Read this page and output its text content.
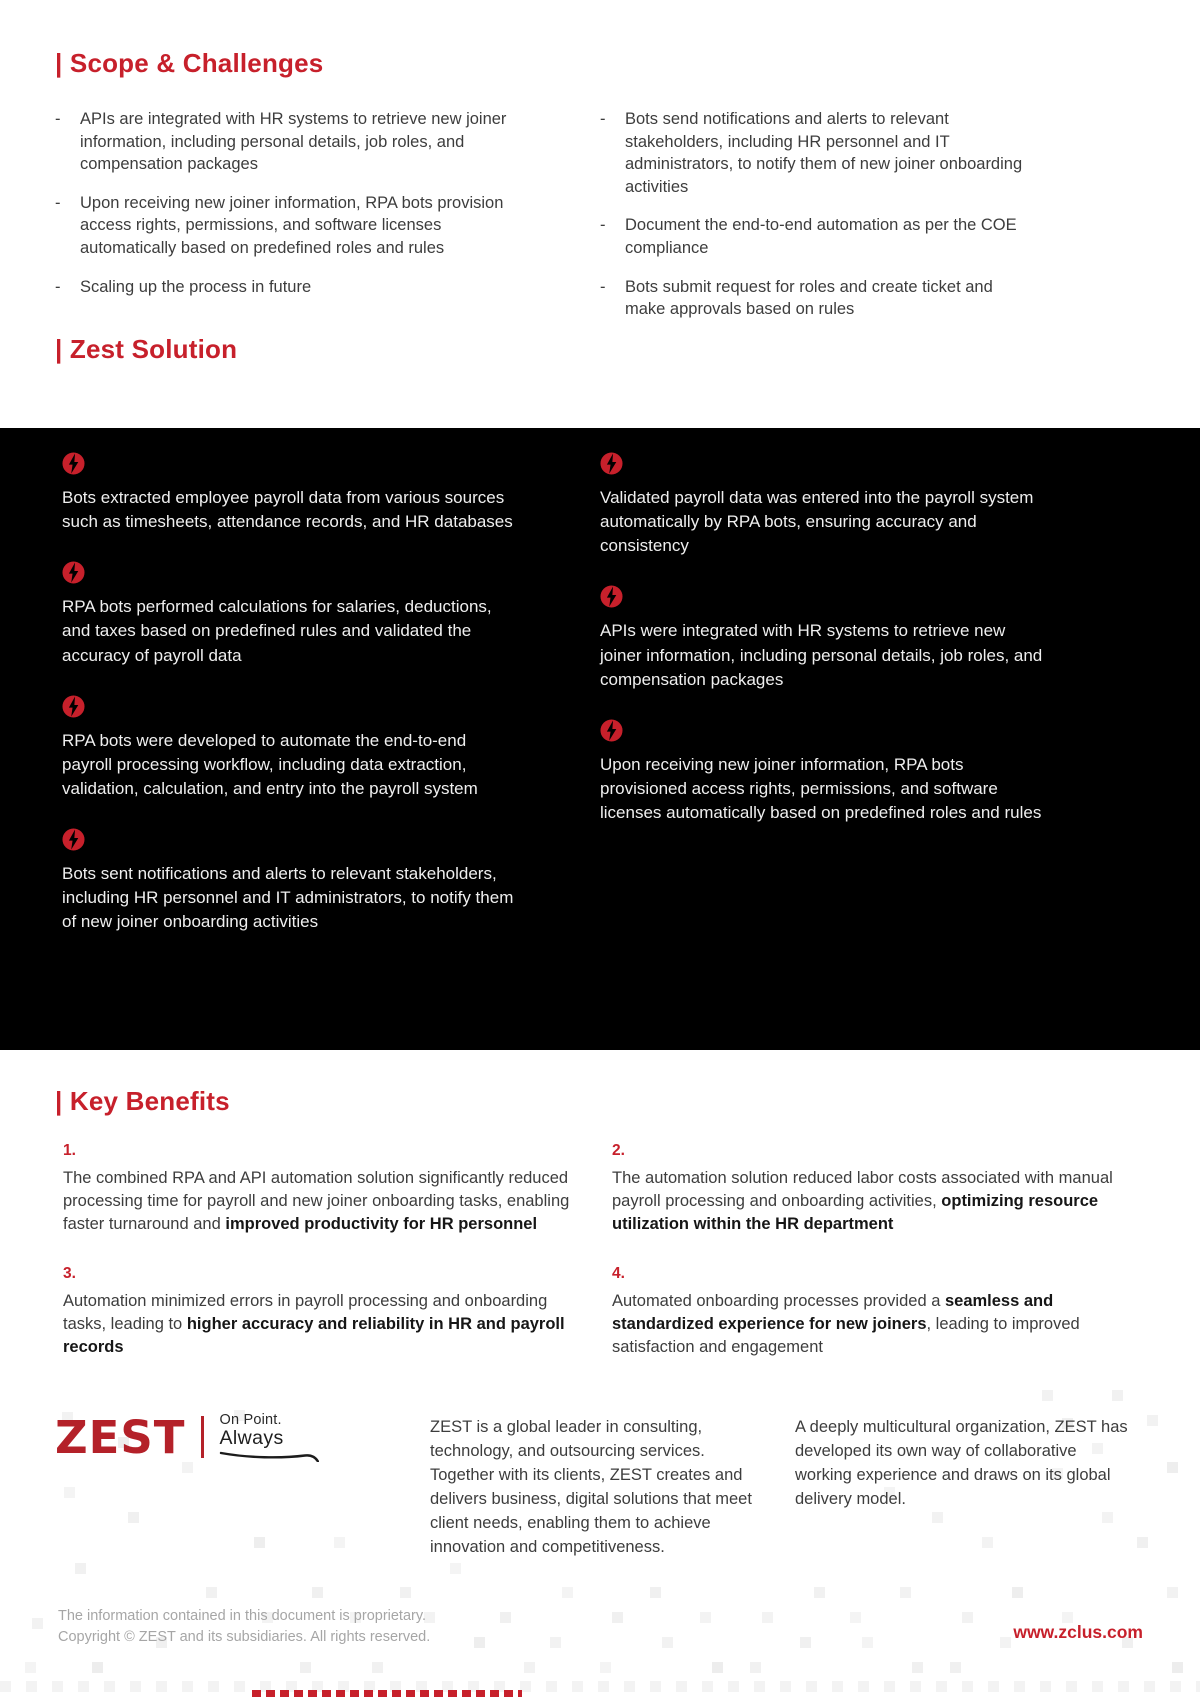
| Scope & Challenges
- APIs are integrated with HR systems to retrieve new joiner information, including personal details, job roles, and compensation packages
- Upon receiving new joiner information, RPA bots provision access rights, permissions, and software licenses automatically based on predefined roles and rules
- Scaling up the process in future
- Bots send notifications and alerts to relevant stakeholders, including HR personnel and IT administrators, to notify them of new joiner onboarding activities
- Document the end-to-end automation as per the COE compliance
- Bots submit request for roles and create ticket and make approvals based on rules
| Zest Solution

Bots extracted employee payroll data from various sources such as timesheets, attendance records, and HR databases

RPA bots performed calculations for salaries, deductions, and taxes based on predefined rules and validated the accuracy of payroll data

RPA bots were developed to automate the end-to-end payroll processing workflow, including data extraction, validation, calculation, and entry into the payroll system

Bots sent notifications and alerts to relevant stakeholders, including HR personnel and IT administrators, to notify them of new joiner onboarding activities

Validated payroll data was entered into the payroll system automatically by RPA bots, ensuring accuracy and consistency

APIs were integrated with HR systems to retrieve new joiner information, including personal details, job roles, and compensation packages

Upon receiving new joiner information, RPA bots provisioned access rights, permissions, and software licenses automatically based on predefined roles and rules

| Key Benefits
1.

The combined RPA and API automation solution significantly reduced processing time for payroll and new joiner onboarding tasks, enabling faster turnaround and improved productivity for HR personnel

2.

The automation solution reduced labor costs associated with manual payroll processing and onboarding activities, optimizing resource utilization within the HR department

3.

Automation minimized errors in payroll processing and onboarding tasks, leading to higher accuracy and reliability in HR and payroll records

4.

Automated onboarding processes provided a seamless and standardized experience for new joiners, leading to improved satisfaction and engagement

ZEST On Point.
Always	ZEST is a global leader in consulting, technology, and outsourcing services. Together with its clients, ZEST creates and delivers business, digital solutions that meet client needs, enabling them to achieve innovation and competitiveness.

A deeply multicultural organization, ZEST has developed its own way of collaborative working experience and draws on its global delivery model.

The information contained in this document is proprietary.
Copyright © ZEST and its subsidiaries. All rights reserved.	www.zclus.com
